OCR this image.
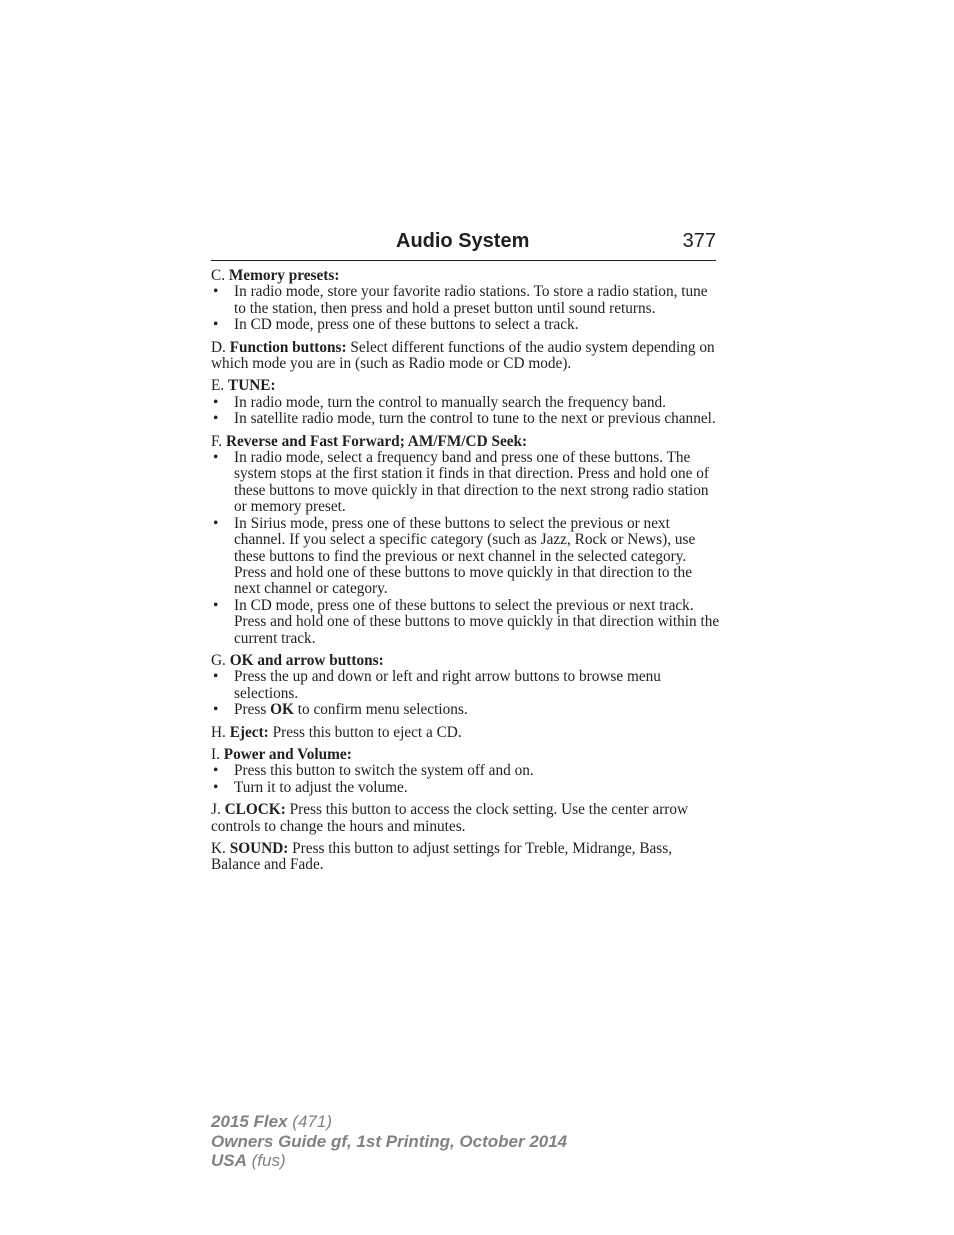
Audio System	377

C. Memory presets:

• In radio mode, store your favorite radio stations. To store a radio station, tune to the station, then press and hold a preset button until sound returns.
• In CD mode, press one of these buttons to select a track.

D. Function buttons: Select different functions of the audio system depending on which mode you are in (such as Radio mode or CD mode).

E. TUNE:

• In radio mode, turn the control to manually search the frequency band.
• In satellite radio mode, turn the control to tune to the next or previous channel.

F. Reverse and Fast Forward; AM/FM/CD Seek:

• In radio mode, select a frequency band and press one of these buttons. The system stops at the first station it finds in that direction. Press and hold one of these buttons to move quickly in that direction to the next strong radio station or memory preset.
• In Sirius mode, press one of these buttons to select the previous or next channel. If you select a specific category (such as Jazz, Rock or News), use these buttons to find the previous or next channel in the selected category. Press and hold one of these buttons to move quickly in that direction to the next channel or category.
• In CD mode, press one of these buttons to select the previous or next track. Press and hold one of these buttons to move quickly in that direction within the current track.

G. OK and arrow buttons:

• Press the up and down or left and right arrow buttons to browse menu selections.
• Press OK to confirm menu selections.

H. Eject: Press this button to eject a CD.

I. Power and Volume:

• Press this button to switch the system off and on.
• Turn it to adjust the volume.

J. CLOCK: Press this button to access the clock setting. Use the center arrow controls to change the hours and minutes.

K. SOUND: Press this button to adjust settings for Treble, Midrange, Bass, Balance and Fade.

2015 Flex (471)
Owners Guide gf, 1st Printing, October 2014
USA (fus)
